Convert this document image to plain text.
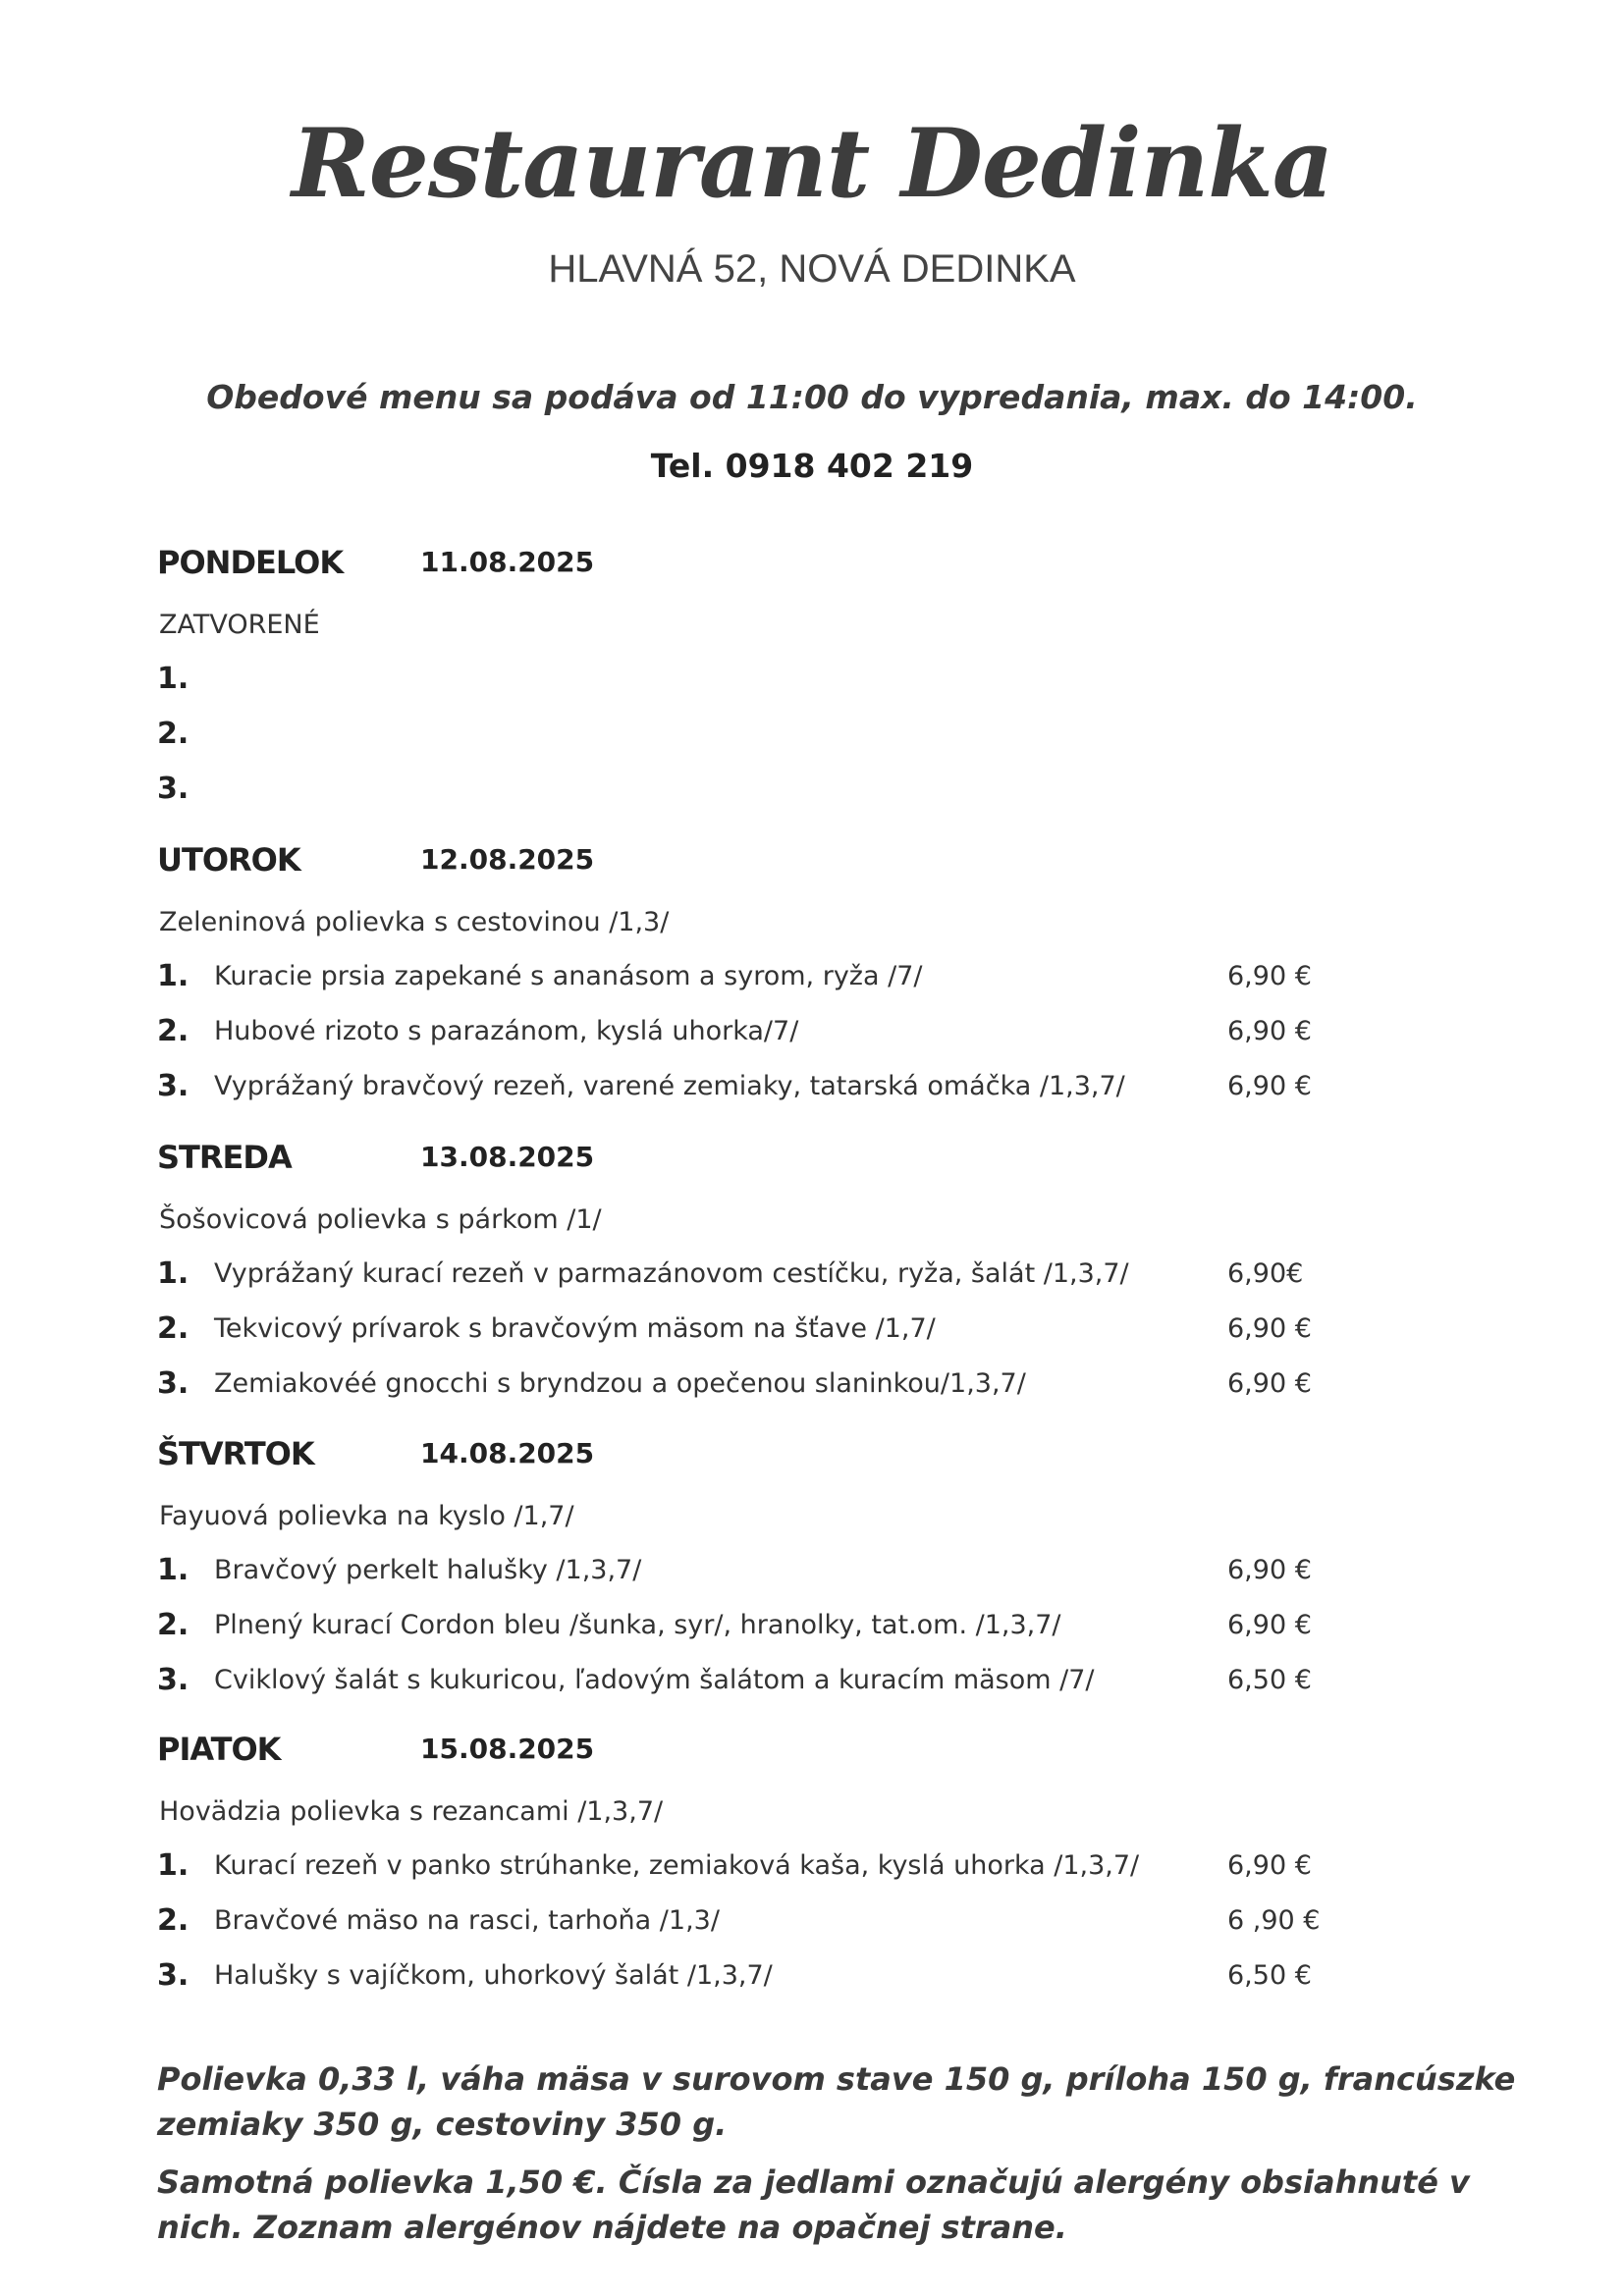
Restaurant Dedinka
HLAVNÁ 52, NOVÁ DEDINKA
Obedové menu sa podáva od 11:00 do vypredania, max. do 14:00.
Tel. 0918 402 219
PONDELOK	11.08.2025
ZATVORENÉ
1.
2.
3.
UTOROK	12.08.2025
Zeleninová polievka s cestovinou /1,3/
1. Kuracie prsia zapekané s ananásom a syrom, ryža /7/	6,90 €
2. Hubové rizoto s parazánom, kyslá uhorka/7/	6,90 €
3. Vyprážaný bravčový rezeň, varené zemiaky, tatarská omáčka /1,3,7/	6,90 €
STREDA	13.08.2025
Šošovicová polievka s párkom /1/
1. Vyprážaný kurací rezeň v parmazánovom cestíčku, ryža, šalát /1,3,7/	6,90€
2. Tekvicový prívarok s bravčovým mäsom na šťave /1,7/	6,90 €
3. Zemiakovéé gnocchi s bryndzou a opečenou slaninkou/1,3,7/	6,90 €
ŠTVRTOK	14.08.2025
Fayuová polievka na kyslo /1,7/
1. Bravčový perkelt halušky /1,3,7/	6,90 €
2. Plnený kurací Cordon bleu /šunka, syr/, hranolky, tat.om. /1,3,7/	6,90 €
3. Cviklový šalát s kukuricou, ľadovým šalátom a kuracím mäsom /7/	6,50 €
PIATOK	15.08.2025
Hovädzia polievka s rezancami /1,3,7/
1. Kurací rezeň v panko strúhanke, zemiaková kaša, kyslá uhorka /1,3,7/	6,90 €
2. Bravčové mäso na rasci, tarhoňa /1,3/	6 ,90 €
3. Halušky s vajíčkom, uhorkový šalát /1,3,7/	6,50 €
Polievka 0,33 l, váha mäsa v surovom stave 150 g, príloha 150 g, francúszke zemiaky 350 g, cestoviny 350 g.
Samotná polievka 1,50 €. Čísla za jedlami označujú alergény obsiahnuté v nich. Zoznam alergénov nájdete na opačnej strane.
